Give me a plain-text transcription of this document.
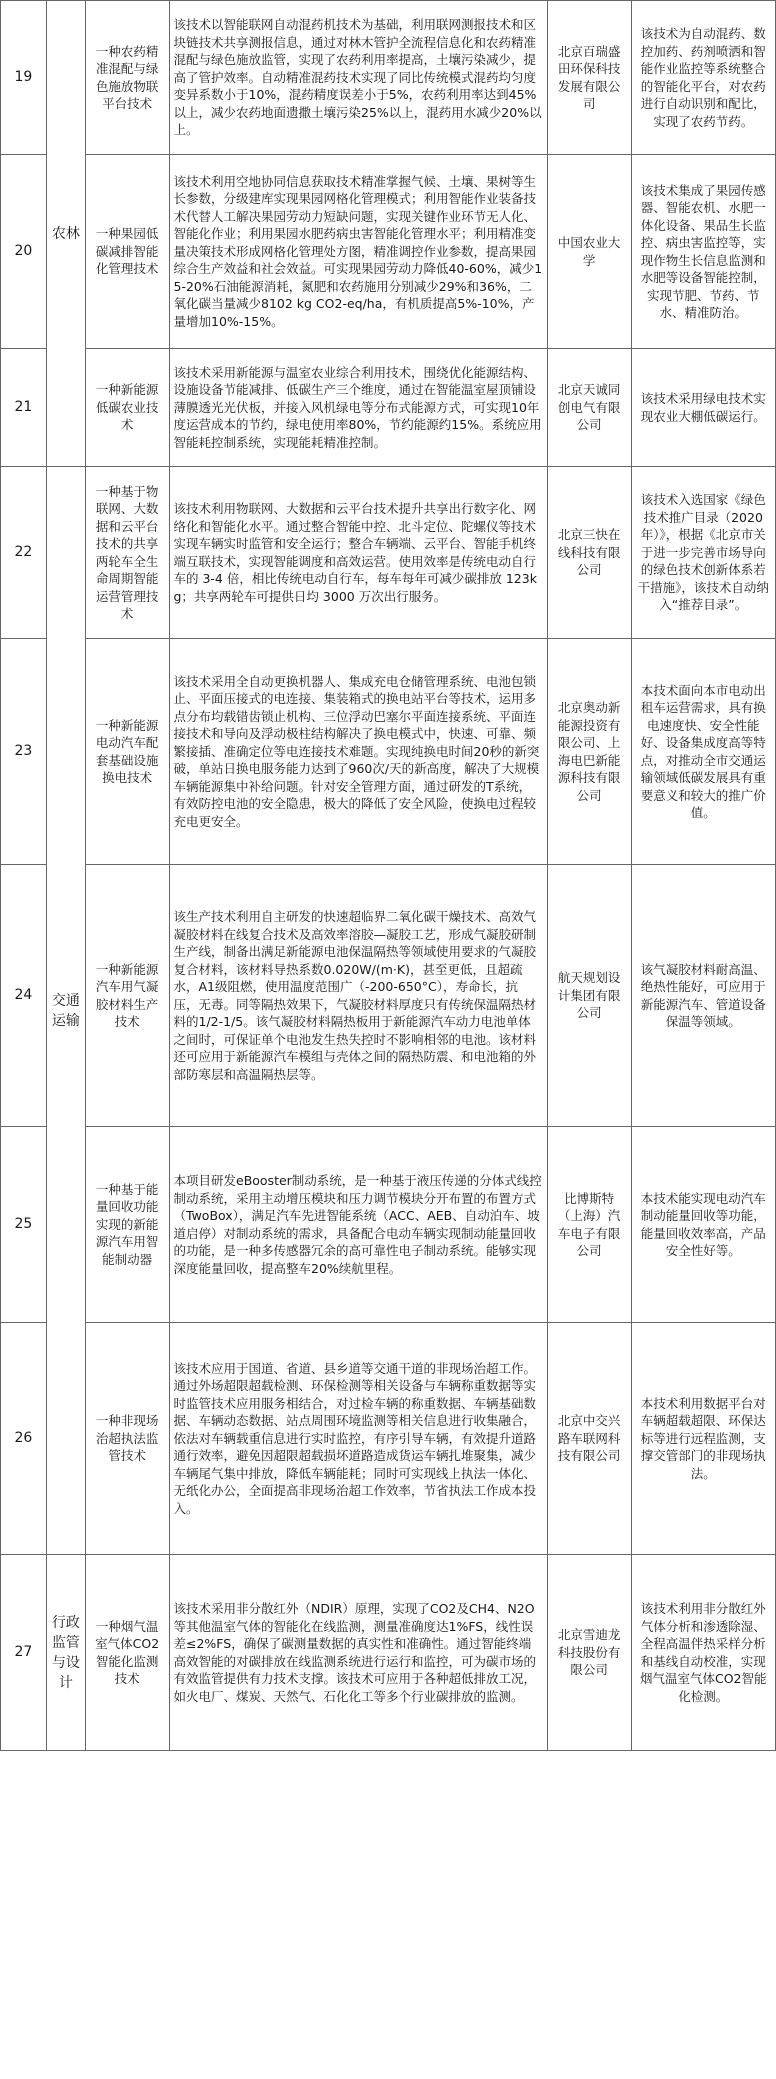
19	农林	一种农药精准混配与绿色施放物联平台技术	该技术以智能联网自动混药机技术为基础，利用联网测报技术和区块链技术共享测报信息，通过对林木管护全流程信息化和农药精准混配与绿色施放监管，实现了农药利用率提高，土壤污染减少，提高了管护效率。自动精准混药技术实现了同比传统模式混药均匀度变异系数小于10%，混药精度误差小于5%，农药利用率达到45%以上，减少农药地面遗撒土壤污染25%以上，混药用水减少20%以上。	北京百瑞盛田环保科技发展有限公司	该技术为自动混药、数控加药、药剂喷洒和智能作业监控等系统整合的智能化平台，对农药进行自动识别和配比，实现了农药节药。
20		一种果园低碳减排智能化管理技术	该技术利用空地协同信息获取技术精准掌握气候、土壤、果树等生长参数，分级建库实现果园网格化管理模式；利用智能作业装备技术代替人工解决果园劳动力短缺问题，实现关键作业环节无人化、智能化作业；利用果园水肥药病虫害智能化管理水平；利用精准变量决策技术形成网格化管理处方图，精准调控作业参数，提高果园综合生产效益和社会效益。可实现果园劳动力降低40-60%，减少15-20%石油能源消耗，氮肥和农药施用分别减少29%和36%，二氧化碳当量减少8102 kg CO2-eq/ha，有机质提高5%-10%，产量增加10%-15%。	中国农业大学	该技术集成了果园传感器、智能农机、水肥一体化设备、果品生长监控、病虫害监控等，实现作物生长信息监测和水肥等设备智能控制，实现节肥、节药、节水、精准防治。
21		一种新能源低碳农业技术	该技术采用新能源与温室农业综合利用技术，围绕优化能源结构、设施设备节能减排、低碳生产三个维度，通过在智能温室屋顶铺设薄膜透光光伏板，并接入风机绿电等分布式能源方式，可实现10年度运营成本的节约，绿电使用率80%，节约能源约15%。系统应用智能耗控制系统，实现能耗精准控制。	北京天诚同创电气有限公司	该技术采用绿电技术实现农业大棚低碳运行。
22	交通运输	一种基于物联网、大数据和云平台技术的共享两轮车全生命周期智能运营管理技术	该技术利用物联网、大数据和云平台技术提升共享出行数字化、网络化和智能化水平。通过整合智能中控、北斗定位、陀螺仪等技术实现车辆实时监管和安全运行；整合车辆端、云平台、智能手机终端互联技术，实现智能调度和高效运营。使用效率是传统电动自行车的 3-4 倍，相比传统电动自行车，每车每年可减少碳排放 123kg；共享两轮车可提供日均 3000 万次出行服务。	北京三快在线科技有限公司	该技术入选国家《绿色技术推广目录（2020年）》，根据《北京市关于进一步完善市场导向的绿色技术创新体系若干措施》，该技术自动纳入“推荐目录”。
23		一种新能源电动汽车配套基础设施换电技术	该技术采用全自动更换机器人、集成充电仓储管理系统、电池包锁止、平面压接式的电连接、集装箱式的换电站平台等技术，运用多点分布均载错齿锁止机构、三位浮动巴塞尔平面连接系统、平面连接技术和导向及浮动极柱结构解决了换电模式中，快速、可靠、频繁接插、准确定位等电连接技术难题。实现纯换电时间20秒的新突破，单站日换电服务能力达到了960次/天的新高度，解决了大规模车辆能源集中补给问题。针对安全管理方面，通过研发的T系统，有效防控电池的安全隐患，极大的降低了安全风险，使换电过程较充电更安全。	北京奥动新能源投资有限公司、上海电巴新能源科技有限公司	本技术面向本市电动出租车运营需求，具有换电速度快、安全性能好、设备集成度高等特点，对推动全市交通运输领域低碳发展具有重要意义和较大的推广价值。
24		一种新能源汽车用气凝胶材料生产技术	该生产技术利用自主研发的快速超临界二氧化碳干燥技术、高效气凝胶材料在线复合技术及高效率溶胶—凝胶工艺，形成气凝胶研制生产线，制备出满足新能源电池保温隔热等领域使用要求的气凝胶复合材料，该材料导热系数0.020W/(m·K)，甚至更低，且超疏水，A1级阻燃，使用温度范围广（-200-650°C），寿命长，抗压，无毒。同等隔热效果下，气凝胶材料厚度只有传统保温隔热材料的1/2-1/5。该气凝胶材料隔热板用于新能源汽车动力电池单体之间时，可保证单个电池发生热失控时不影响相邻的电池。该材料还可应用于新能源汽车模组与壳体之间的隔热防震、和电池箱的外部防寒层和高温隔热层等。	航天规划设计集团有限公司	该气凝胶材料耐高温、绝热性能好，可应用于新能源汽车、管道设备保温等领域。
25		一种基于能量回收功能实现的新能源汽车用智能制动器	本项目研发eBooster制动系统，是一种基于液压传递的分体式线控制动系统，采用主动增压模块和压力调节模块分开布置的布置方式（TwoBox），满足汽车先进智能系统（ACC、AEB、自动泊车、坡道启停）对制动系统的需求，具备配合电动车辆实现制动能量回收的功能，是一种多传感器冗余的高可靠性电子制动系统。能够实现深度能量回收，提高整车20%续航里程。	比博斯特（上海）汽车电子有限公司	本技术能实现电动汽车制动能量回收等功能，能量回收效率高，产品安全性好等。
26		一种非现场治超执法监管技术	该技术应用于国道、省道、县乡道等交通干道的非现场治超工作。通过外场超限超载检测、环保检测等相关设备与车辆称重数据等实时监管技术应用服务相结合，对过检车辆的称重数据、车辆基础数据、车辆动态数据、站点周围环境监测等相关信息进行收集融合，依法对车辆载重信息进行实时监控，有序引导车辆，有效提升道路通行效率，避免因超限超载损坏道路造成货运车辆扎堆聚集，减少车辆尾气集中排放，降低车辆能耗；同时可实现线上执法一体化、无纸化办公，全面提高非现场治超工作效率，节省执法工作成本投入。	北京中交兴路车联网科技有限公司	本技术利用数据平台对车辆超载超限、环保达标等进行远程监测，支撑交管部门的非现场执法。
27	行政监管与设计	一种烟气温室气体CO2智能化监测技术	该技术采用非分散红外（NDIR）原理，实现了CO2及CH4、N2O等其他温室气体的智能化在线监测，测量准确度达1%FS，线性误差≤2%FS，确保了碳测量数据的真实性和准确性。通过智能终端高效智能的对碳排放在线监测系统进行运行和监控，可为碳市场的有效监管提供有力技术支撑。该技术可应用于各种超低排放工况，如火电厂、煤炭、天然气、石化化工等多个行业碳排放的监测。	北京雪迪龙科技股份有限公司	该技术利用非分散红外气体分析和渗透除湿、全程高温伴热采样分析和基线自动校准，实现烟气温室气体CO2智能化检测。
